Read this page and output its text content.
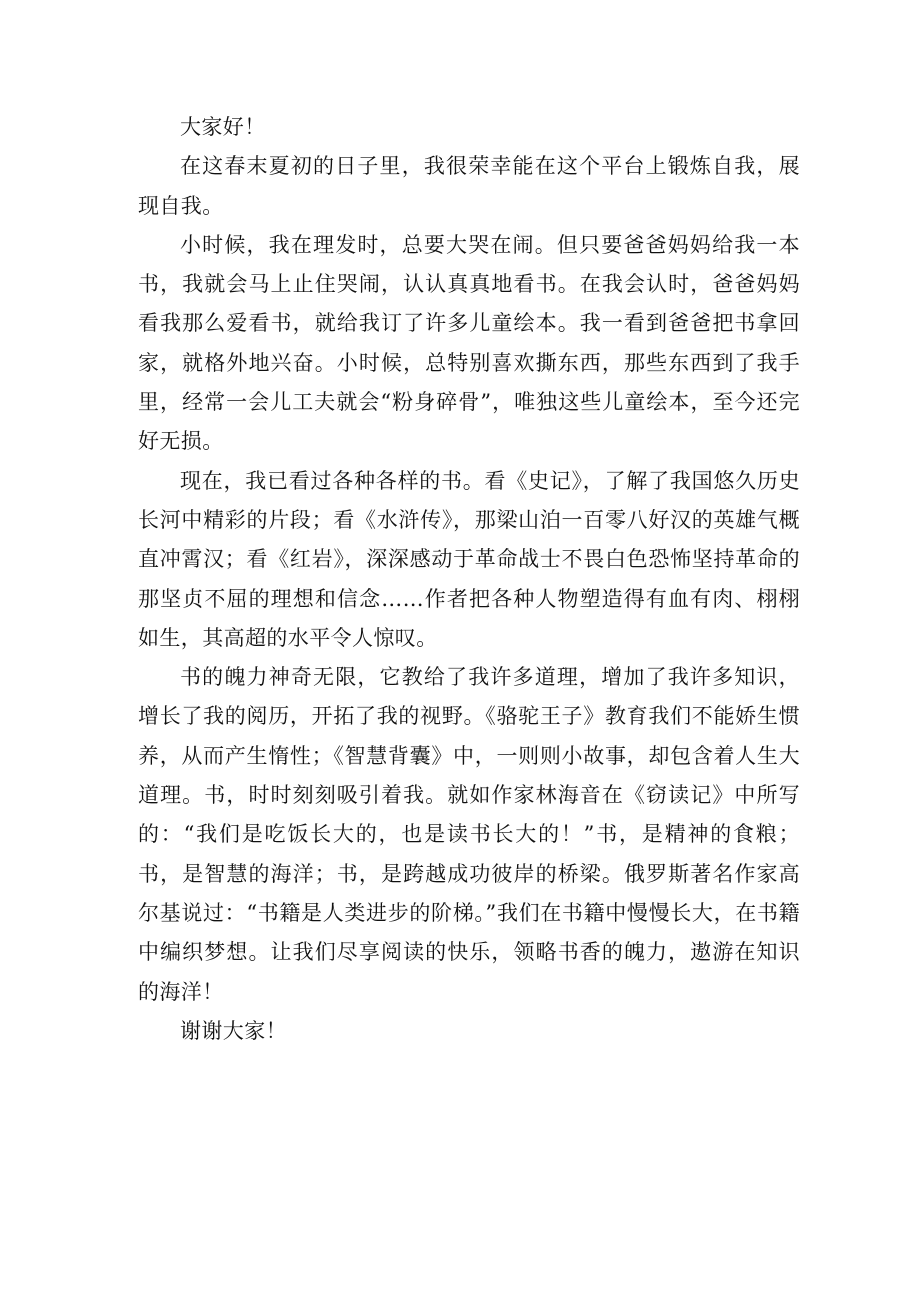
大家好！

在这春末夏初的日子里，我很荣幸能在这个平台上锻炼自我，展现自我。

小时候，我在理发时，总要大哭在闹。但只要爸爸妈妈给我一本书，我就会马上止住哭闹，认认真真地看书。在我会认时，爸爸妈妈看我那么爱看书，就给我订了许多儿童绘本。我一看到爸爸把书拿回家，就格外地兴奋。小时候，总特别喜欢撕东西，那些东西到了我手里，经常一会儿工夫就会“粉身碎骨”，唯独这些儿童绘本，至今还完好无损。

现在，我已看过各种各样的书。看《史记》，了解了我国悠久历史长河中精彩的片段；看《水浒传》，那梁山泊一百零八好汉的英雄气概直冲霄汉；看《红岩》，深深感动于革命战士不畏白色恐怖坚持革命的那坚贞不屈的理想和信念……作者把各种人物塑造得有血有肉、栩栩如生，其高超的水平令人惊叹。

书的魄力神奇无限，它教给了我许多道理，增加了我许多知识，增长了我的阅历，开拓了我的视野。《骆驼王子》教育我们不能娇生惯养，从而产生惰性；《智慧背囊》中，一则则小故事，却包含着人生大道理。书，时时刻刻吸引着我。就如作家林海音在《窃读记》中所写的：“我们是吃饭长大的，也是读书长大的！”书，是精神的食粮；书，是智慧的海洋；书，是跨越成功彼岸的桥梁。俄罗斯著名作家高尔基说过：“书籍是人类进步的阶梯。”我们在书籍中慢慢长大，在书籍中编织梦想。让我们尽享阅读的快乐，领略书香的魄力，遨游在知识的海洋！

谢谢大家！
